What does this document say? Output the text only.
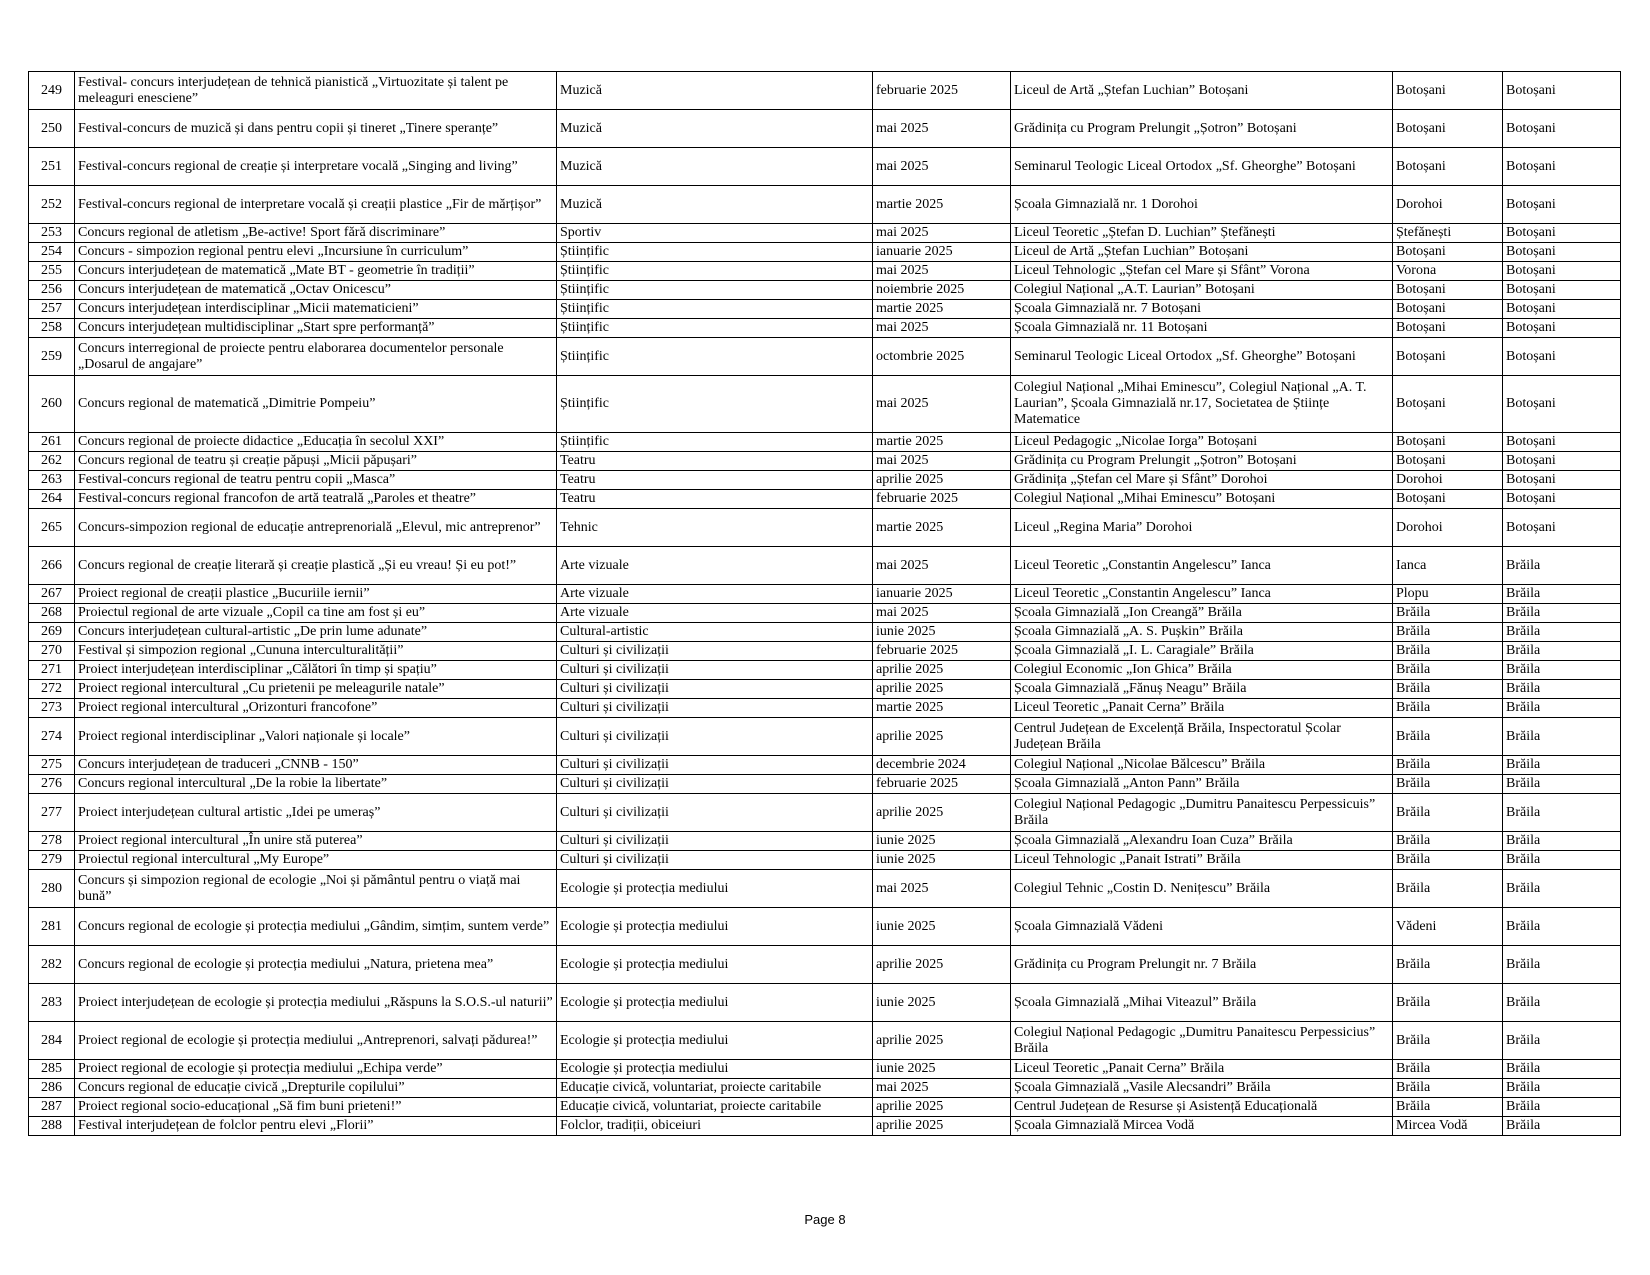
249	Festival- concurs interjudețean de tehnică pianistică „Virtuozitate și talent pe meleaguri enesciene”	Muzică	februarie 2025	Liceul de Artă „Ștefan Luchian” Botoșani	Botoșani	Botoșani
250	Festival-concurs de muzică și dans pentru copii și tineret „Tinere speranțe”	Muzică	mai 2025	Grădinița cu Program Prelungit „Șotron” Botoșani	Botoșani	Botoșani
251	Festival-concurs regional de creație și interpretare vocală „Singing and living”	Muzică	mai 2025	Seminarul Teologic Liceal Ortodox „Sf. Gheorghe” Botoșani	Botoșani	Botoșani
252	Festival-concurs regional de interpretare vocală și creații plastice „Fir de mărțișor”	Muzică	martie 2025	Școala Gimnazială nr. 1 Dorohoi	Dorohoi	Botoșani
253	Concurs regional de atletism „Be-active! Sport fără discriminare”	Sportiv	mai 2025	Liceul Teoretic „Ștefan D. Luchian” Ștefănești	Ștefănești	Botoșani
254	Concurs - simpozion regional pentru elevi „Incursiune în curriculum”	Științific	ianuarie 2025	Liceul de Artă „Ștefan Luchian” Botoșani	Botoșani	Botoșani
255	Concurs interjudețean de matematică „Mate BT - geometrie în tradiții”	Științific	mai 2025	Liceul Tehnologic „Ștefan cel Mare și Sfânt” Vorona	Vorona	Botoșani
256	Concurs interjudețean de matematică „Octav Onicescu”	Științific	noiembrie 2025	Colegiul Național „A.T. Laurian” Botoșani	Botoșani	Botoșani
257	Concurs interjudețean interdisciplinar „Micii matematicieni”	Științific	martie 2025	Școala Gimnazială nr. 7 Botoșani	Botoșani	Botoșani
258	Concurs interjudețean multidisciplinar „Start spre performanță”	Științific	mai 2025	Școala Gimnazială nr. 11 Botoșani	Botoșani	Botoșani
259	Concurs interregional de proiecte pentru elaborarea documentelor personale „Dosarul de angajare”	Științific	octombrie 2025	Seminarul Teologic Liceal Ortodox „Sf. Gheorghe” Botoșani	Botoșani	Botoșani
260	Concurs regional de matematică „Dimitrie Pompeiu”	Științific	mai 2025	Colegiul Național „Mihai Eminescu”, Colegiul Național „A. T. Laurian”, Școala Gimnazială nr.17, Societatea de Științe Matematice	Botoșani	Botoșani
261	Concurs regional de proiecte didactice „Educația în secolul XXI”	Științific	martie 2025	Liceul Pedagogic „Nicolae Iorga” Botoșani	Botoșani	Botoșani
262	Concurs regional de teatru și creație păpuși „Micii păpușari”	Teatru	mai 2025	Grădinița cu Program Prelungit „Șotron” Botoșani	Botoșani	Botoșani
263	Festival-concurs regional de teatru pentru copii „Masca”	Teatru	aprilie 2025	Grădinița „Ștefan cel Mare și Sfânt” Dorohoi	Dorohoi	Botoșani
264	Festival-concurs regional francofon de artă teatrală „Paroles et theatre”	Teatru	februarie 2025	Colegiul Național „Mihai Eminescu” Botoșani	Botoșani	Botoșani
265	Concurs-simpozion regional de educație antreprenorială „Elevul, mic antreprenor”	Tehnic	martie 2025	Liceul „Regina Maria” Dorohoi	Dorohoi	Botoșani
266	Concurs regional de creație literară și creație plastică „Și eu vreau! Și eu pot!”	Arte vizuale	mai 2025	Liceul Teoretic „Constantin Angelescu” Ianca	Ianca	Brăila
267	Proiect regional de creații plastice „Bucuriile iernii”	Arte vizuale	ianuarie 2025	Liceul Teoretic „Constantin Angelescu” Ianca	Plopu	Brăila
268	Proiectul regional de arte vizuale „Copil ca tine am fost și eu”	Arte vizuale	mai 2025	Școala Gimnazială „Ion Creangă” Brăila	Brăila	Brăila
269	Concurs interjudețean cultural-artistic „De prin lume adunate”	Cultural-artistic	iunie 2025	Școala Gimnazială „A. S. Pușkin” Brăila	Brăila	Brăila
270	Festival și simpozion regional „Cununa interculturalității”	Culturi și civilizații	februarie 2025	Școala Gimnazială „I. L. Caragiale” Brăila	Brăila	Brăila
271	Proiect interjudețean interdisciplinar „Călători în timp și spațiu”	Culturi și civilizații	aprilie 2025	Colegiul Economic „Ion Ghica” Brăila	Brăila	Brăila
272	Proiect regional intercultural „Cu prietenii pe meleagurile natale”	Culturi și civilizații	aprilie 2025	Școala Gimnazială „Fănuș Neagu” Brăila	Brăila	Brăila
273	Proiect regional intercultural „Orizonturi francofone”	Culturi și civilizații	martie 2025	Liceul Teoretic „Panait Cerna” Brăila	Brăila	Brăila
274	Proiect regional interdisciplinar „Valori naționale și locale”	Culturi și civilizații	aprilie 2025	Centrul Județean de Excelență Brăila, Inspectoratul Școlar Județean Brăila	Brăila	Brăila
275	Concurs interjudețean de traduceri „CNNB - 150”	Culturi și civilizații	decembrie 2024	Colegiul Național „Nicolae Bălcescu” Brăila	Brăila	Brăila
276	Concurs regional intercultural „De la robie la libertate”	Culturi și civilizații	februarie 2025	Școala Gimnazială „Anton Pann” Brăila	Brăila	Brăila
277	Proiect interjudețean cultural artistic „Idei pe umeraș”	Culturi și civilizații	aprilie 2025	Colegiul Național Pedagogic „Dumitru Panaitescu Perpessicuis” Brăila	Brăila	Brăila
278	Proiect regional intercultural „În unire stă puterea”	Culturi și civilizații	iunie 2025	Școala Gimnazială „Alexandru Ioan Cuza” Brăila	Brăila	Brăila
279	Proiectul regional intercultural „My Europe”	Culturi și civilizații	iunie 2025	Liceul Tehnologic „Panait Istrati” Brăila	Brăila	Brăila
280	Concurs și simpozion regional de ecologie „Noi și pământul pentru o viață mai bună”	Ecologie și protecția mediului	mai 2025	Colegiul Tehnic „Costin D. Nenițescu” Brăila	Brăila	Brăila
281	Concurs regional de ecologie și protecția mediului „Gândim, simțim, suntem verde”	Ecologie și protecția mediului	iunie 2025	Școala Gimnazială Vădeni	Vădeni	Brăila
282	Concurs regional de ecologie și protecția mediului „Natura, prietena mea”	Ecologie și protecția mediului	aprilie 2025	Grădinița cu Program Prelungit nr. 7 Brăila	Brăila	Brăila
283	Proiect interjudețean de ecologie și protecția mediului „Răspuns la S.O.S.-ul naturii”	Ecologie și protecția mediului	iunie 2025	Școala Gimnazială „Mihai Viteazul” Brăila	Brăila	Brăila
284	Proiect regional de ecologie și protecția mediului „Antreprenori, salvați pădurea!”	Ecologie și protecția mediului	aprilie 2025	Colegiul Național Pedagogic „Dumitru Panaitescu Perpessicius” Brăila	Brăila	Brăila
285	Proiect regional de ecologie și protecția mediului „Echipa verde”	Ecologie și protecția mediului	iunie 2025	Liceul Teoretic „Panait Cerna” Brăila	Brăila	Brăila
286	Concurs regional de educație civică „Drepturile copilului”	Educație civică, voluntariat, proiecte caritabile	mai 2025	Școala Gimnazială „Vasile Alecsandri” Brăila	Brăila	Brăila
287	Proiect regional socio-educațional „Să fim buni prieteni!”	Educație civică, voluntariat, proiecte caritabile	aprilie 2025	Centrul Județean de Resurse și Asistență Educațională	Brăila	Brăila
288	Festival interjudețean de folclor pentru elevi „Florii”	Folclor, tradiții, obiceiuri	aprilie 2025	Școala Gimnazială Mircea Vodă	Mircea Vodă	Brăila
Page 8
